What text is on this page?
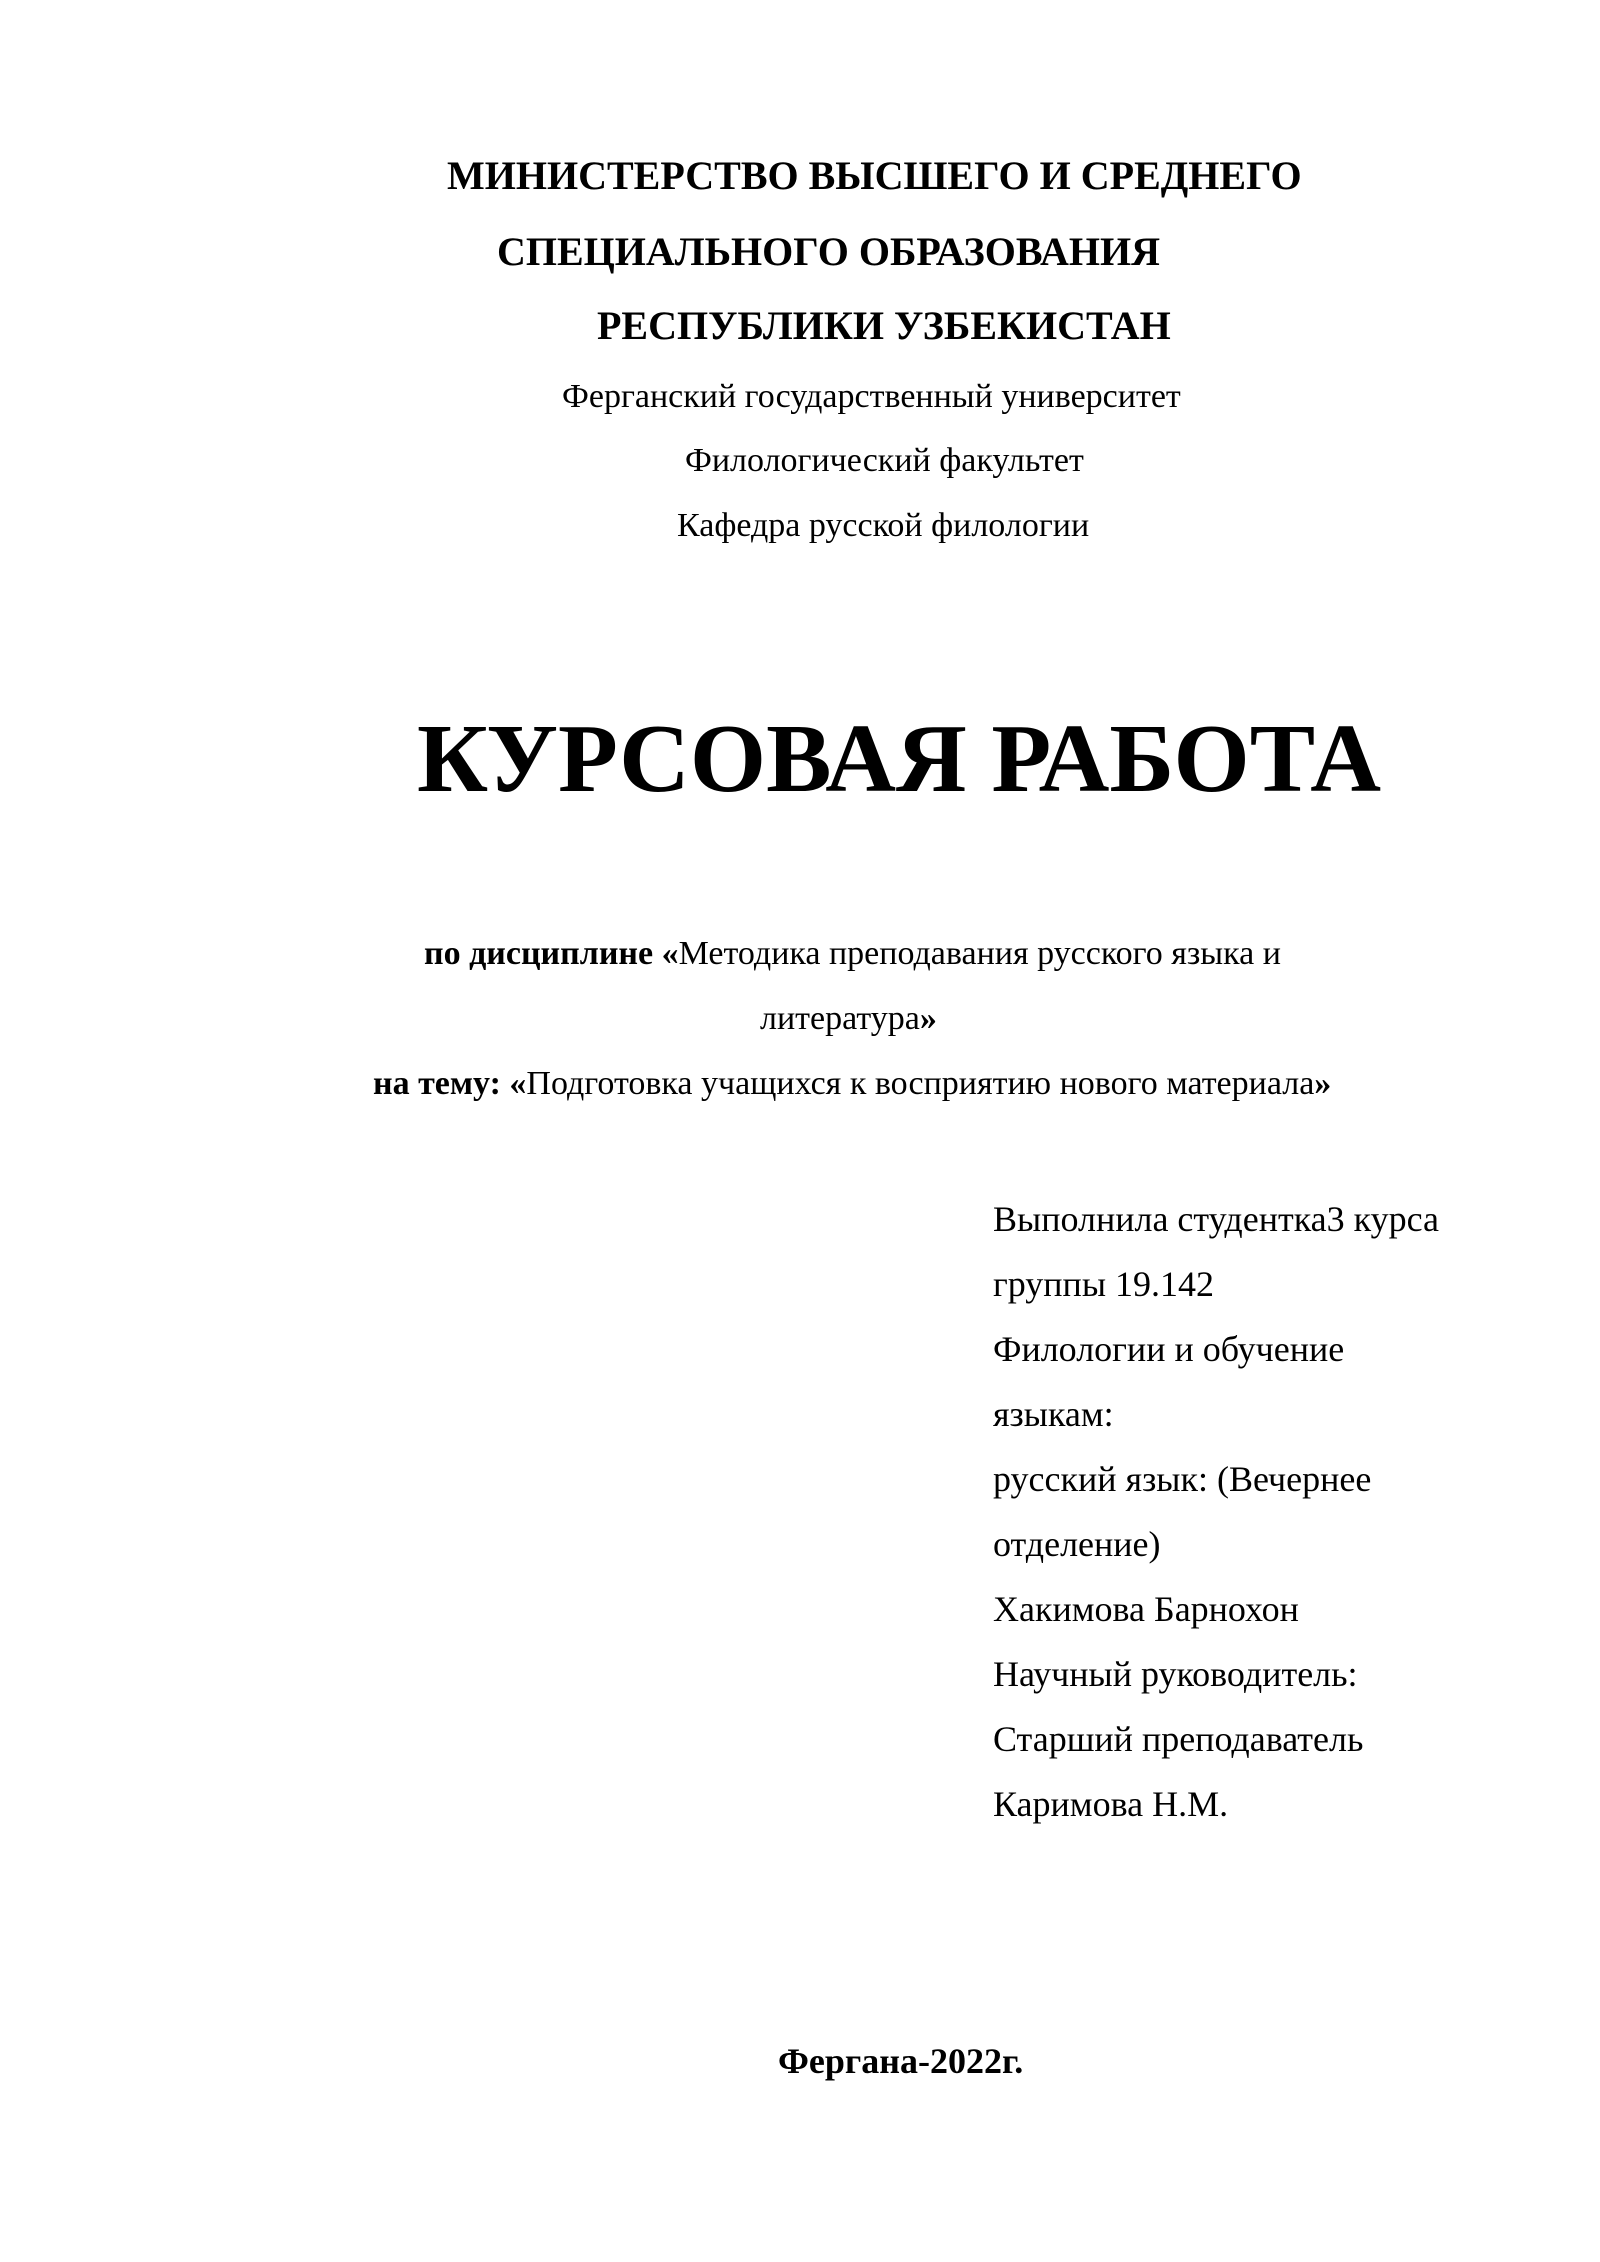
МИНИСТЕРСТВО ВЫСШЕГО И СРЕДНЕГО
СПЕЦИАЛЬНОГО ОБРАЗОВАНИЯ
РЕСПУБЛИКИ УЗБЕКИСТАН
Ферганский государственный университет
Филологический факультет
Кафедра русской филологии
КУРСОВАЯ РАБОТА
по дисциплине «Методика преподавания русского языка и
литература»
на тему: «Подготовка учащихся к восприятию нового материала»
Выполнила студентка3 курса
группы 19.142
Филологии и обучение
языкам:
русский язык: (Вечернее
отделение)
Хакимова Барнохон
Научный руководитель:
Старший преподаватель
Каримова Н.М.
Фергана-2022г.
